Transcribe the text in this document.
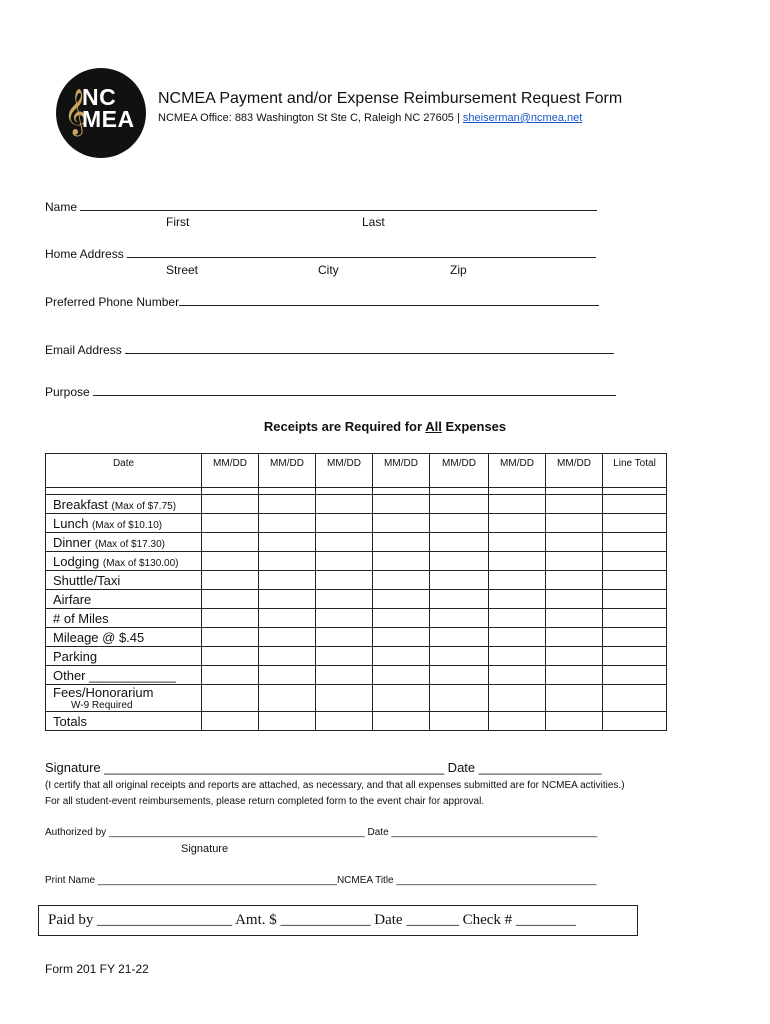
𝄞
NC
MEA
NCMEA Payment and/or Expense Reimbursement Request Form
NCMEA Office: 883 Washington St Ste C, Raleigh NC 27605 | sheiserman@ncmea.net
Name
First	Last
Home Address
Street	City	Zip
Preferred Phone Number
Email Address
Purpose
Receipts are Required for All Expenses
Date	MM/DD	MM/DD	MM/DD	MM/DD	MM/DD	MM/DD	MM/DD	Line Total

Breakfast (Max of $7.75)								
Lunch (Max of $10.10)								
Dinner (Max of $17.30)								
Lodging (Max of $130.00)								
Shuttle/Taxi								
Airfare								
# of Miles								
Mileage @ $.45								
Parking								
Other ____________								
Fees/Honorarium
W-9 Required								

Totals								
Signature _______________________________________________ Date _________________
(I certify that all original receipts and reports are attached, as necessary, and that all expenses submitted are for NCMEA activities.)
For all student-event reimbursements, please return completed form to the event chair for approval.
Authorized by ______________________________________________ Date _____________________________________
Signature
Print Name ___________________________________________NCMEA Title ____________________________________
Paid by __________________ Amt. $ ____________ Date _______ Check # ________
Form 201 FY 21-22
